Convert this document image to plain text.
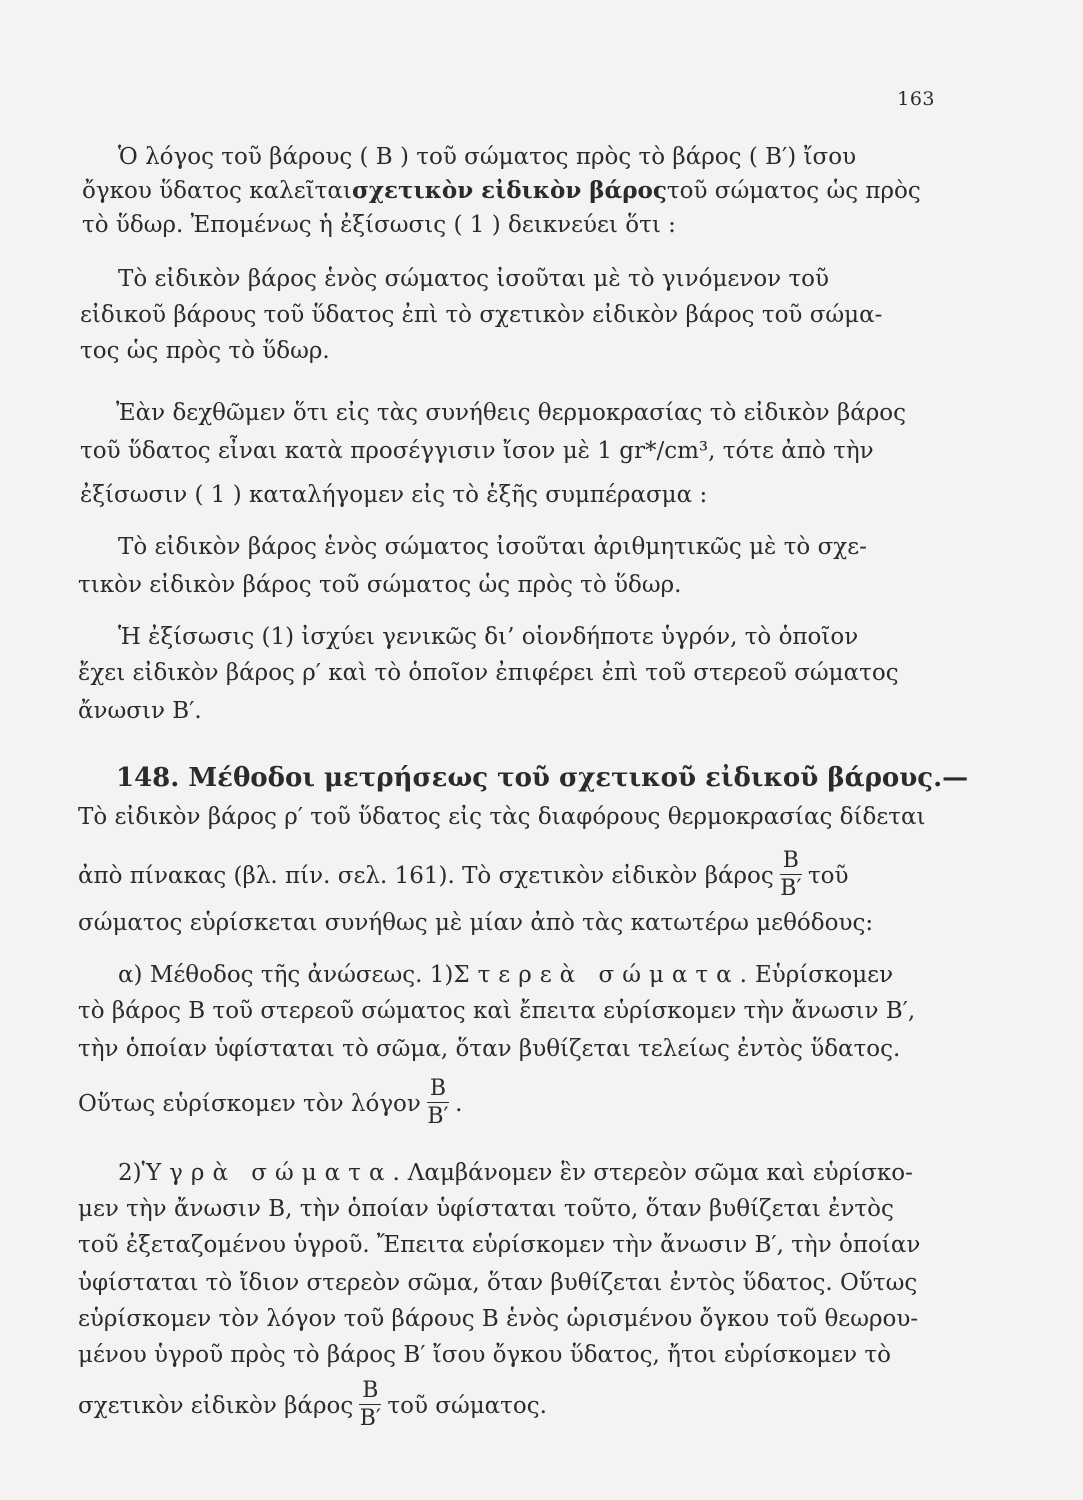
163
Ὁ λόγος τοῦ βάρους ( Β ) τοῦ σώματος πρὸς τὸ βάρος ( Β′) ἴσου
ὄγκου ὕδατος καλεῖταισχετικὸν εἰδικὸν βάροςτοῦ σώματος ὡς πρὸς
τὸ ὕδωρ. Ἐπομένως ἡ ἐξίσωσις ( 1 ) δεικνεύει ὅτι :
Τὸ εἰδικὸν βάρος ἑνὸς σώματος ἰσοῦται μὲ τὸ γινόμενον τοῦ
εἰδικοῦ βάρους τοῦ ὕδατος ἐπὶ τὸ σχετικὸν εἰδικὸν βάρος τοῦ σώμα-
τος ὡς πρὸς τὸ ὕδωρ.
Ἐὰν δεχθῶμεν ὅτι εἰς τὰς συνήθεις θερμοκρασίας τὸ εἰδικὸν βάρος
τοῦ ὕδατος εἶναι κατὰ προσέγγισιν ἴσον μὲ 1 gr*/cm³, τότε ἀπὸ τὴν
ἐξίσωσιν ( 1 ) καταλήγομεν εἰς τὸ ἑξῆς συμπέρασμα :
Τὸ εἰδικὸν βάρος ἑνὸς σώματος ἰσοῦται ἀριθμητικῶς μὲ τὸ σχε-
τικὸν εἰδικὸν βάρος τοῦ σώματος ὡς πρὸς τὸ ὕδωρ.
Ἡ ἐξίσωσις (1) ἰσχύει γενικῶς δι’ οἱονδήποτε ὑγρόν, τὸ ὁποῖον
ἔχει εἰδικὸν βάρος ρ′ καὶ τὸ ὁποῖον ἐπιφέρει ἐπὶ τοῦ στερεοῦ σώματος
ἄνωσιν Β′.
148. Μέθοδοι μετρήσεως τοῦ σχετικοῦ εἰδικοῦ βάρους.—
Τὸ εἰδικὸν βάρος ρ′ τοῦ ὕδατος εἰς τὰς διαφόρους θερμοκρασίας δίδεται
ἀπὸ πίνακας (βλ. πίν. σελ. 161). Τὸ σχετικὸν εἰδικὸν βάρος $\frac{B}{B'}$ τοῦ
σώματος εὑρίσκεται συνήθως μὲ μίαν ἀπὸ τὰς κατωτέρω μεθόδους:
α) Μέθοδος τῆς ἀνώσεως. 1)Στερεὰ σώματα.Εὑρίσκομεν
τὸ βάρος Β τοῦ στερεοῦ σώματος καὶ ἔπειτα εὑρίσκομεν τὴν ἄνωσιν Β′,
τὴν ὁποίαν ὑφίσταται τὸ σῶμα, ὅταν βυθίζεται τελείως ἐντὸς ὕδατος.
Οὕτως εὑρίσκομεν τὸν λόγον $\frac{B}{B'}$ .
2)Ὑγρὰ σώματα.Λαμβάνομεν ἓν στερεὸν σῶμα καὶ εὑρίσκο-
μεν τὴν ἄνωσιν Β, τὴν ὁποίαν ὑφίσταται τοῦτο, ὅταν βυθίζεται ἐντὸς
τοῦ ἐξεταζομένου ὑγροῦ. Ἔπειτα εὑρίσκομεν τὴν ἄνωσιν Β′, τὴν ὁποίαν
ὑφίσταται τὸ ἴδιον στερεὸν σῶμα, ὅταν βυθίζεται ἐντὸς ὕδατος. Οὕτως
εὑρίσκομεν τὸν λόγον τοῦ βάρους Β ἑνὸς ὡρισμένου ὄγκου τοῦ θεωρου-
μένου ὑγροῦ πρὸς τὸ βάρος Β′ ἴσου ὄγκου ὕδατος, ἤτοι εὑρίσκομεν τὸ
σχετικὸν εἰδικὸν βάρος $\frac{B}{B'}$ τοῦ σώματος.
